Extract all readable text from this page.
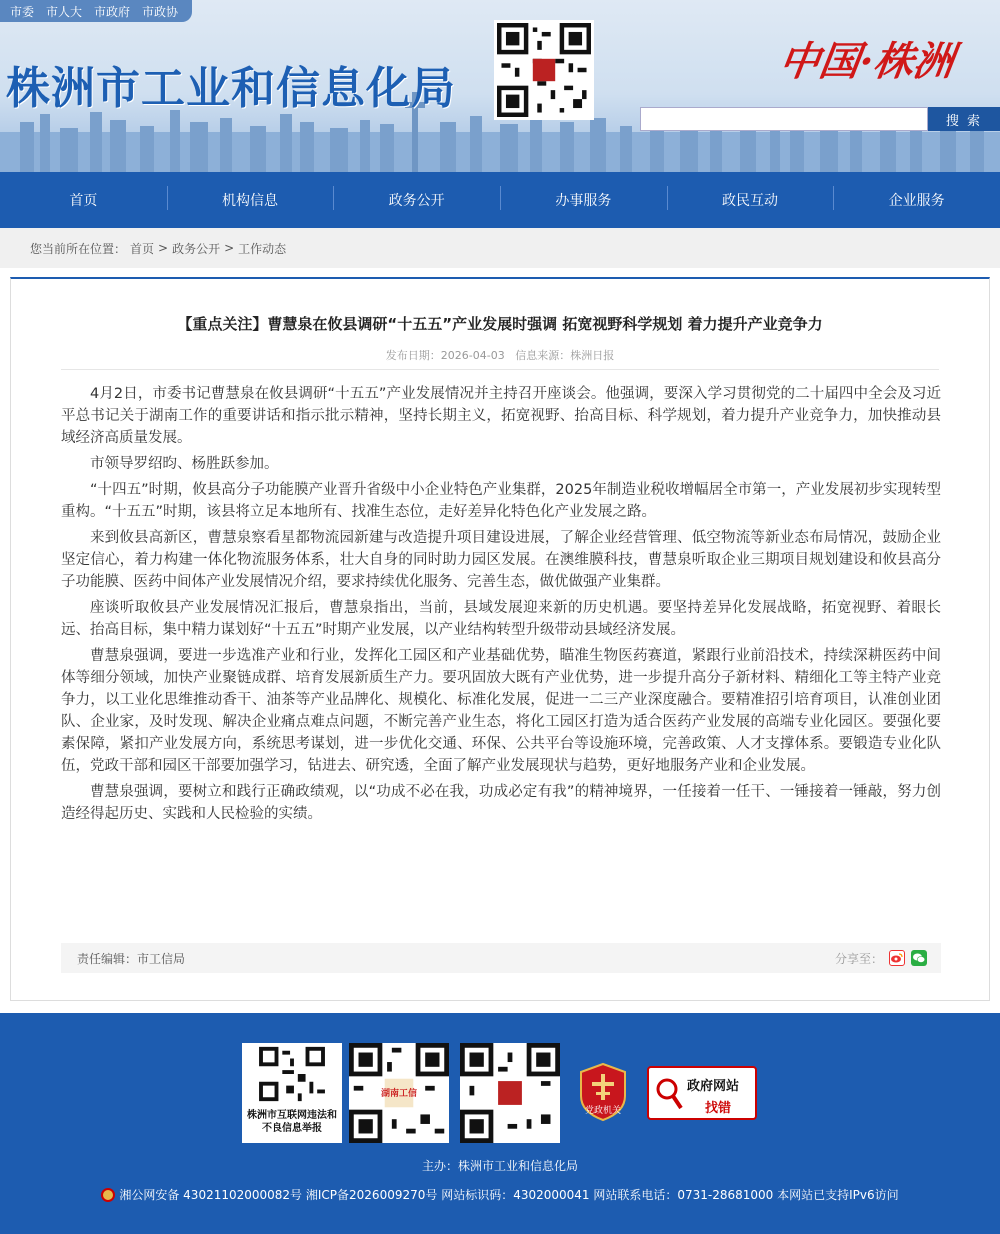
市委 市人大 市政府 市政协
株洲市工业和信息化局
中国·株洲
搜 索
首页	机构信息	政务公开	办事服务	政民互动	企业服务
您当前所在位置： 首页 > 政务公开 > 工作动态
【重点关注】曹慧泉在攸县调研“十五五”产业发展时强调 拓宽视野科学规划 着力提升产业竞争力
发布日期：2026-04-03 信息来源：株洲日报

4月2日，市委书记曹慧泉在攸县调研“十五五”产业发展情况并主持召开座谈会。他强调，要深入学习贯彻党的二十届四中全会及习近平总书记关于湖南工作的重要讲话和指示批示精神，坚持长期主义，拓宽视野、抬高目标、科学规划，着力提升产业竞争力，加快推动县域经济高质量发展。

市领导罗绍昀、杨胜跃参加。

“十四五”时期，攸县高分子功能膜产业晋升省级中小企业特色产业集群，2025年制造业税收增幅居全市第一，产业发展初步实现转型重构。“十五五”时期，该县将立足本地所有、找准生态位，走好差异化特色化产业发展之路。

来到攸县高新区，曹慧泉察看星都物流园新建与改造提升项目建设进展，了解企业经营管理、低空物流等新业态布局情况，鼓励企业坚定信心，着力构建一体化物流服务体系，壮大自身的同时助力园区发展。在澳维膜科技，曹慧泉听取企业三期项目规划建设和攸县高分子功能膜、医药中间体产业发展情况介绍，要求持续优化服务、完善生态，做优做强产业集群。

座谈听取攸县产业发展情况汇报后，曹慧泉指出，当前，县域发展迎来新的历史机遇。要坚持差异化发展战略，拓宽视野、着眼长远、抬高目标，集中精力谋划好“十五五”时期产业发展，以产业结构转型升级带动县域经济发展。

曹慧泉强调，要进一步选准产业和行业，发挥化工园区和产业基础优势，瞄准生物医药赛道，紧跟行业前沿技术，持续深耕医药中间体等细分领域，加快产业聚链成群、培育发展新质生产力。要巩固放大既有产业优势，进一步提升高分子新材料、精细化工等主特产业竞争力，以工业化思维推动香干、油茶等产业品牌化、规模化、标准化发展，促进一二三产业深度融合。要精准招引培育项目，认准创业团队、企业家，及时发现、解决企业痛点难点问题，不断完善产业生态，将化工园区打造为适合医药产业发展的高端专业化园区。要强化要素保障，紧扣产业发展方向，系统思考谋划，进一步优化交通、环保、公共平台等设施环境，完善政策、人才支撑体系。要锻造专业化队伍，党政干部和园区干部要加强学习，钻进去、研究透，全面了解产业发展现状与趋势，更好地服务产业和企业发展。

曹慧泉强调，要树立和践行正确政绩观，以“功成不必在我，功成必定有我”的精神境界，一任接着一任干、一锤接着一锤敲，努力创造经得起历史、实践和人民检验的实绩。

责任编辑：市工信局	分享至：
株洲市互联网违法和不良信息举报
湖南工信
党政机关
政府网站
找错
主办：株洲市工业和信息化局
湘公网安备 43021102000082号 湘ICP备2026009270号 网站标识码：4302000041 网站联系电话：0731-28681000 本网站已支持IPv6访问
